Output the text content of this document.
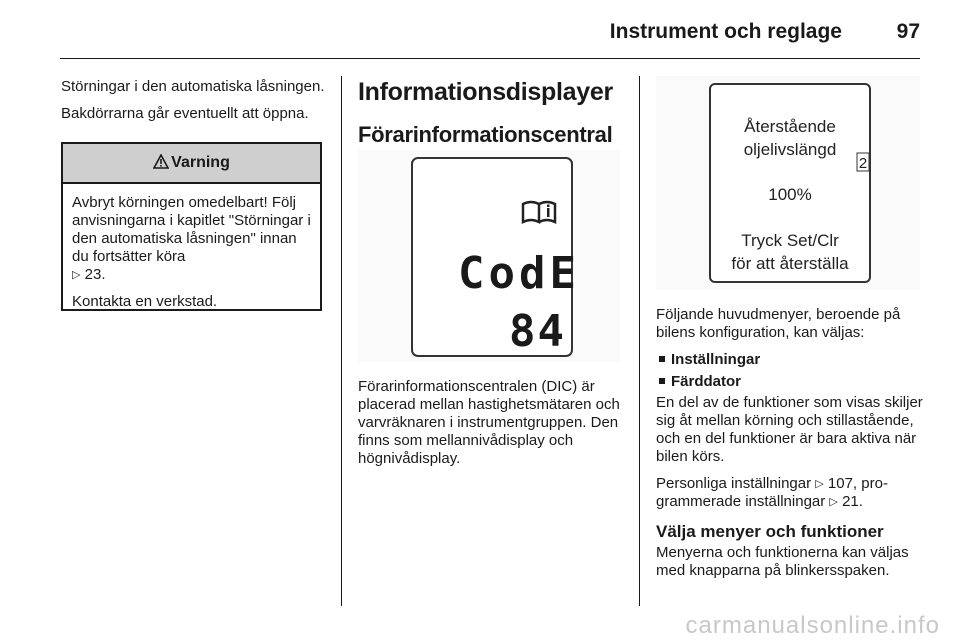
Instrument och reglage	97

Störningar i den automatiska låsningen.

Bakdörrarna går eventuellt att öppna.

Varning

Avbryt körningen omedelbart! Följ anvisningarna i kapitlet "Störningar i den automatiska låsningen" innan du fortsätter köra
▷ 23.

Kontakta en verkstad.

Informationsdisplayer
Förarinformationscentral
CodE
84

Förarinformationscentralen (DIC) är placerad mellan hastighetsmätaren och varvräknaren i instrumentgruppen. Den finns som mellannivådisplay och högnivådisplay.

Återstående
oljelivslängd
2
100%
Tryck Set/Clr
för att återställa

Följande huvudmenyer, beroende på bilens konfiguration, kan väljas:

Inställningar
Färddator

En del av de funktioner som visas skiljer sig åt mellan körning och stillastående, och en del funktioner är bara aktiva när bilen körs.

Personliga inställningar ▷ 107, programmerade inställningar ▷ 21.

Välja menyer och funktioner

Menyerna och funktionerna kan väljas med knapparna på blinkersspaken.

carmanualsonline.info
